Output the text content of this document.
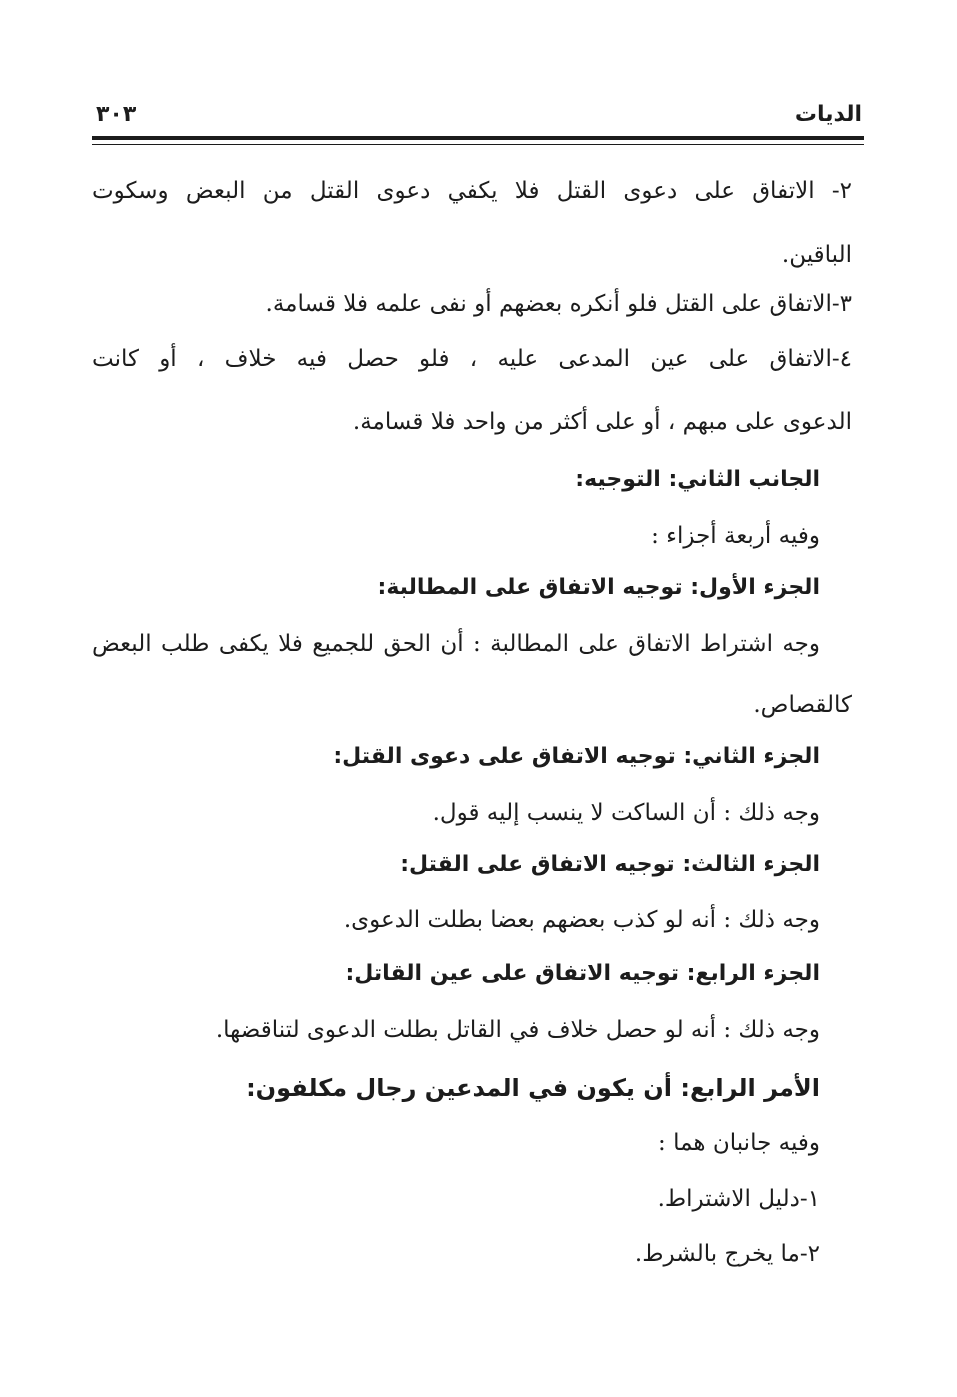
الديات
٣٠٣
٢- الاتفاق على دعوى القتل فلا يكفي دعوى القتل من البعض وسكوت
الباقين.
٣-الاتفاق على القتل فلو أنكره بعضهم أو نفى علمه فلا قسامة.
٤-الاتفاق على عين المدعى عليه ، فلو حصل فيه خلاف ، أو كانت
الدعوى على مبهم ، أو على أكثر من واحد فلا قسامة.
الجانب الثاني: التوجيه:
وفيه أربعة أجزاء :
الجزء الأول: توجيه الاتفاق على المطالبة:
وجه اشتراط الاتفاق على المطالبة : أن الحق للجميع فلا يكفى طلب البعض
كالقصاص.
الجزء الثاني: توجيه الاتفاق على دعوى القتل:
وجه ذلك : أن الساكت لا ينسب إليه قول.
الجزء الثالث: توجيه الاتفاق على القتل:
وجه ذلك : أنه لو كذب بعضهم بعضا بطلت الدعوى.
الجزء الرابع: توجيه الاتفاق على عين القاتل:
وجه ذلك : أنه لو حصل خلاف في القاتل بطلت الدعوى لتناقضها.
الأمر الرابع: أن يكون في المدعين رجال مكلفون:
وفيه جانبان هما :
١-دليل الاشتراط.
٢-ما يخرج بالشرط.
